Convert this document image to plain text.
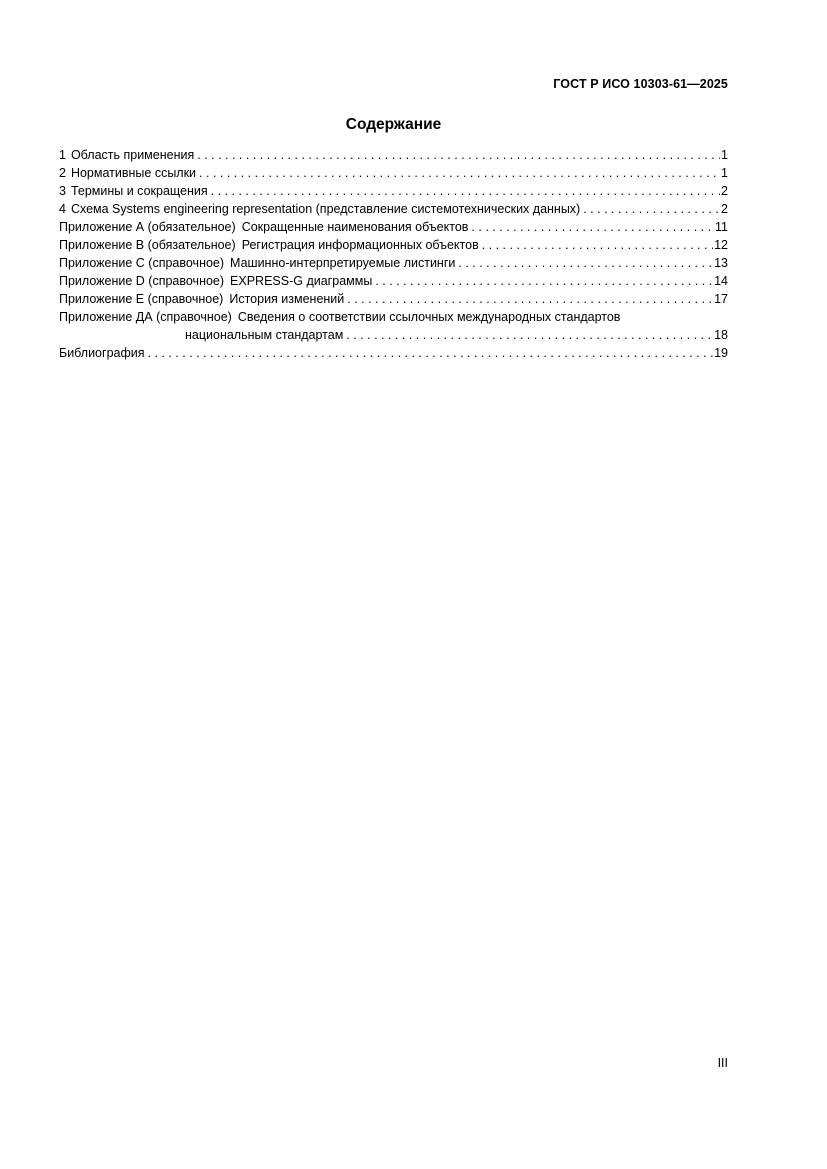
ГОСТ Р ИСО 10303-61—2025
Содержание
1 Область применения . . .	1
2 Нормативные ссылки . . .	1
3 Термины и сокращения . . .	2
4 Схема Systems engineering representation (представление системотехнических данных) . . .	2
Приложение А (обязательное) Сокращенные наименования объектов . . .	11
Приложение В (обязательное) Регистрация информационных объектов . . .	12
Приложение С (справочное) Машинно-интерпретируемые листинги . . .	13
Приложение D (справочное) EXPRESS-G диаграммы . . .	14
Приложение Е (справочное) История изменений . . .	17
Приложение ДА (справочное) Сведения о соответствии ссылочных международных стандартов
национальным стандартам . . .	18
Библиография . . .	19
III
